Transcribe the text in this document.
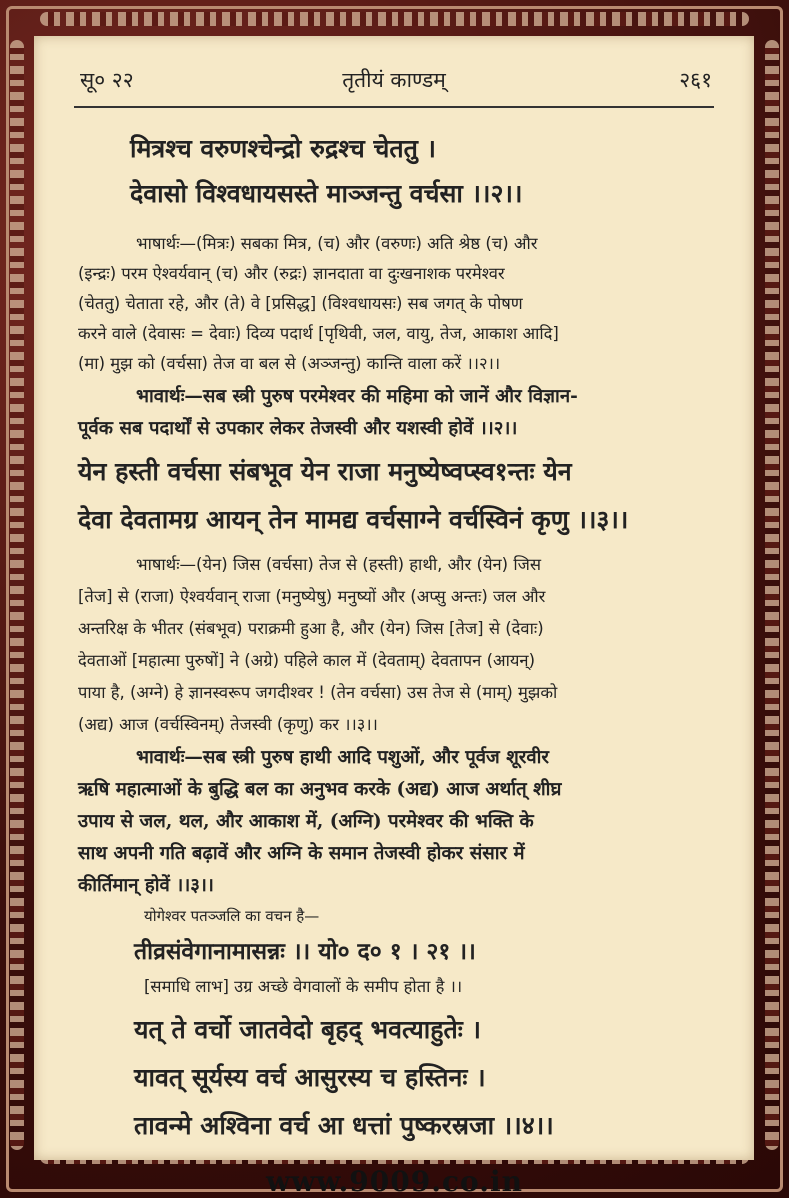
सू० २२	तृतीयं काण्डम्	२६१
मित्रश्च वरुणश्चेन्द्रो रुद्रश्च चेततु ।
देवासो विश्वधायसस्ते माञ्जन्तु वर्चसा ।।२।।
भाषार्थः—(मित्रः) सबका मित्र, (च) और (वरुणः) अति श्रेष्ठ (च) और
(इन्द्रः) परम ऐश्वर्यवान् (च) और (रुद्रः) ज्ञानदाता वा दुःखनाशक परमेश्वर
(चेततु) चेताता रहे, और (ते) वे [प्रसिद्ध] (विश्वधायसः) सब जगत् के पोषण
करने वाले (देवासः = देवाः) दिव्य पदार्थ [पृथिवी, जल, वायु, तेज, आकाश आदि]
(मा) मुझ को (वर्चसा) तेज वा बल से (अञ्जन्तु) कान्ति वाला करें ।।२।।
भावार्थः—सब स्त्री पुरुष परमेश्वर की महिमा को जानें और विज्ञान-
पूर्वक सब पदार्थों से उपकार लेकर तेजस्वी और यशस्वी होवें ।।२।।
येन हस्ती वर्चसा संबभूव येन राजा मनुष्येष्वप्स्व१न्तः येन
देवा देवतामग्र आयन् तेन मामद्य वर्चसाग्ने वर्चस्विनं कृणु ।।३।।
भाषार्थः—(येन) जिस (वर्चसा) तेज से (हस्ती) हाथी, और (येन) जिस
[तेज] से (राजा) ऐश्वर्यवान् राजा (मनुष्येषु) मनुष्यों और (अप्सु अन्तः) जल और
अन्तरिक्ष के भीतर (संबभूव) पराक्रमी हुआ है, और (येन) जिस [तेज] से (देवाः)
देवताओं [महात्मा पुरुषों] ने (अग्रे) पहिले काल में (देवताम्) देवतापन (आयन्)
पाया है, (अग्ने) हे ज्ञानस्वरूप जगदीश्वर ! (तेन वर्चसा) उस तेज से (माम्) मुझको
(अद्य) आज (वर्चस्विनम्) तेजस्वी (कृणु) कर ।।३।।
भावार्थः—सब स्त्री पुरुष हाथी आदि पशुओं, और पूर्वज शूरवीर
ऋषि महात्माओं के बुद्धि बल का अनुभव करके (अद्य) आज अर्थात् शीघ्र
उपाय से जल, थल, और आकाश में, (अग्नि) परमेश्वर की भक्ति के
साथ अपनी गति बढ़ावें और अग्नि के समान तेजस्वी होकर संसार में
कीर्तिमान् होवें ।।३।।
योगेश्वर पतञ्जलि का वचन है—
तीव्रसंवेगानामासन्नः ।। यो० द० १ । २१ ।।
[समाधि लाभ] उग्र अच्छे वेगवालों के समीप होता है ।।
यत् ते वर्चो जातवेदो बृहद् भवत्याहुतेः ।
यावत् सूर्यस्य वर्च आसुरस्य च हस्तिनः ।
तावन्मे अश्विना वर्च आ धत्तां पुष्करस्रजा ।।४।।
www.9009.co.in
